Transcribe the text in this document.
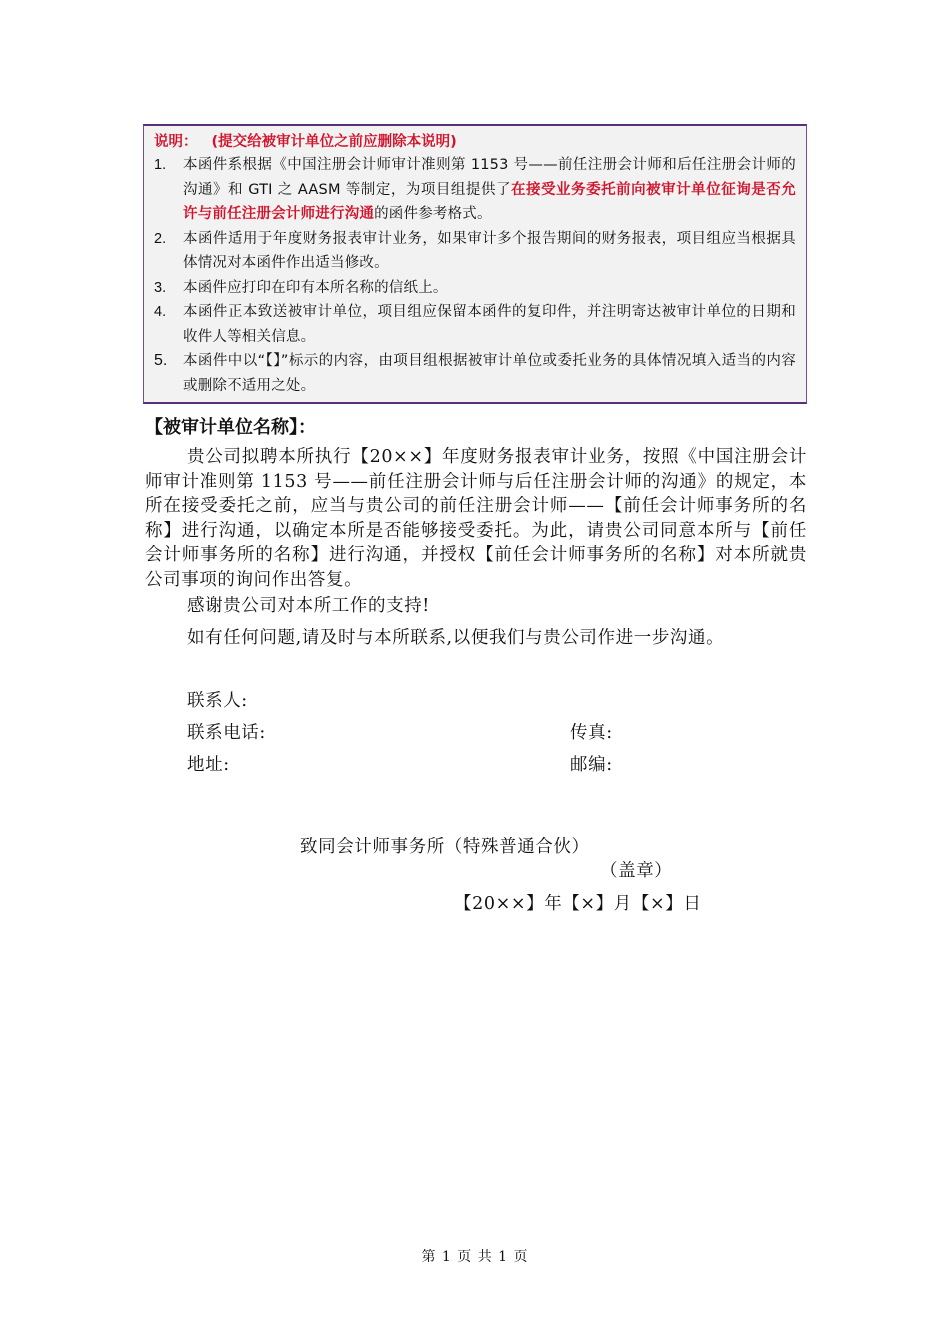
说明： (提交给被审计单位之前应删除本说明)
1.	本函件系根据《中国注册会计师审计准则第 1153 号——前任注册会计师和后任注册会计师的沟通》和 GTI 之 AASM 等制定，为项目组提供了在接受业务委托前向被审计单位征询是否允许与前任注册会计师进行沟通的函件参考格式。
2.	本函件适用于年度财务报表审计业务，如果审计多个报告期间的财务报表，项目组应当根据具体情况对本函件作出适当修改。
3.	本函件应打印在印有本所名称的信纸上。
4.	本函件正本致送被审计单位，项目组应保留本函件的复印件，并注明寄达被审计单位的日期和收件人等相关信息。
5.	本函件中以“【】”标示的内容，由项目组根据被审计单位或委托业务的具体情况填入适当的内容或删除不适用之处。
【被审计单位名称】：
贵公司拟聘本所执行【20××】年度财务报表审计业务，按照《中国注册会计师审计准则第 1153 号——前任注册会计师与后任注册会计师的沟通》的规定，本所在接受委托之前，应当与贵公司的前任注册会计师——【前任会计师事务所的名称】进行沟通，以确定本所是否能够接受委托。为此，请贵公司同意本所与【前任会计师事务所的名称】进行沟通，并授权【前任会计师事务所的名称】对本所就贵公司事项的询问作出答复。
感谢贵公司对本所工作的支持!
如有任何问题,请及时与本所联系,以便我们与贵公司作进一步沟通。
联系人:
联系电话:	传真:
地址:	邮编:
致同会计师事务所（特殊普通合伙）
（盖章）
【20××】年【×】月【×】日
第 1 页 共 1 页
